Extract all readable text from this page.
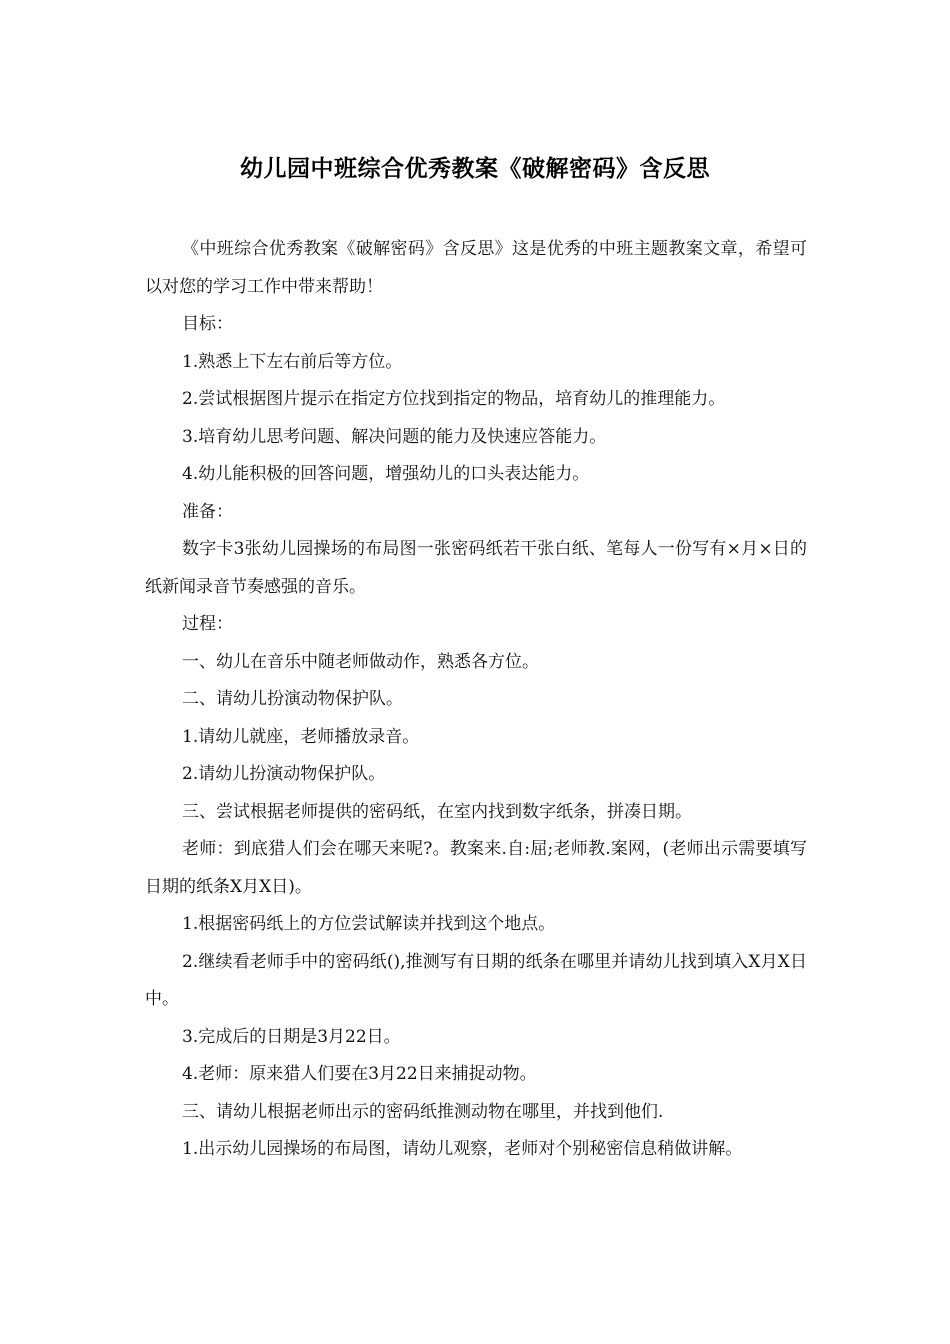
幼儿园中班综合优秀教案《破解密码》含反思

《中班综合优秀教案《破解密码》含反思》这是优秀的中班主题教案文章，希望可以对您的学习工作中带来帮助！

目标：

1.熟悉上下左右前后等方位。

2.尝试根据图片提示在指定方位找到指定的物品，培育幼儿的推理能力。

3.培育幼儿思考问题、解决问题的能力及快速应答能力。

4.幼儿能积极的回答问题，增强幼儿的口头表达能力。

准备：

数字卡3张幼儿园操场的布局图一张密码纸若干张白纸、笔每人一份写有×月×日的纸新闻录音节奏感强的音乐。

过程：

一、幼儿在音乐中随老师做动作，熟悉各方位。

二、请幼儿扮演动物保护队。

1.请幼儿就座，老师播放录音。

2.请幼儿扮演动物保护队。

三、尝试根据老师提供的密码纸，在室内找到数字纸条，拼凑日期。

老师：到底猎人们会在哪天来呢?。教案来.自:屈;老师教.案网，(老师出示需要填写日期的纸条X月X日)。

1.根据密码纸上的方位尝试解读并找到这个地点。

2.继续看老师手中的密码纸(),推测写有日期的纸条在哪里并请幼儿找到填入X月X日中。

3.完成后的日期是3月22日。

4.老师：原来猎人们要在3月22日来捕捉动物。

三、请幼儿根据老师出示的密码纸推测动物在哪里，并找到他们.

1.出示幼儿园操场的布局图，请幼儿观察，老师对个别秘密信息稍做讲解。
